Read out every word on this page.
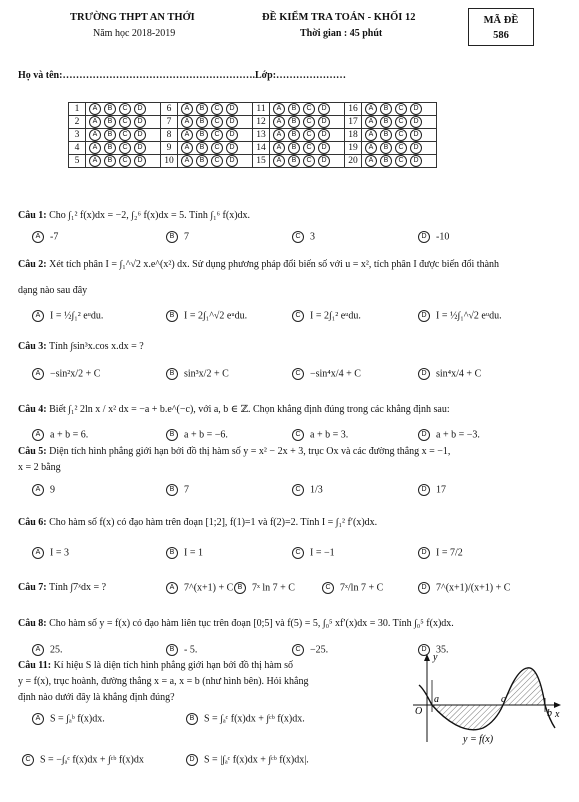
TRƯỜNG THPT AN THỚI
Năm học 2018-2019
ĐỀ KIỂM TRA TOÁN - KHỐI 12
Thời gian : 45 phút
MÃ ĐỀ
586
Họ và tên:………………………………………………….Lớp:…………………
1	A B C D	6	A B C D	11	A B C D	16	A B C D
2	A B C D	7	A B C D	12	A B C D	17	A B C D
3	A B C D	8	A B C D	13	A B C D	18	A B C D
4	A B C D	9	A B C D	14	A B C D	19	A B C D
5	A B C D	10	A B C D	15	A B C D	20	A B C D
Câu 1: Cho ∫₁² f(x)dx = −2, ∫₂⁶ f(x)dx = 5. Tính ∫₁⁶ f(x)dx.
A -7	B 7	C 3	D -10
Câu 2: Xét tích phân I = ∫₁^√2 x.e^(x²) dx. Sử dụng phương pháp đổi biến số với u = x², tích phân I được biến đổi thành
dạng nào sau đây
A I = ½∫₁² eᵘdu.	B I = 2∫₁^√2 eᵘdu.	C I = 2∫₁² eᵘdu.	D I = ½∫₁^√2 eᵘdu.
Câu 3: Tính ∫sin³x.cos x.dx = ?
A −sin²x/2 + C	B sin³x/2 + C	C −sin⁴x/4 + C	D sin⁴x/4 + C
Câu 4: Biết ∫₁² 2ln x / x² dx = −a + b.e^(−c), với a, b ∈ ℤ. Chọn khẳng định đúng trong các khẳng định sau:
A a + b = 6.	B a + b = −6.	C a + b = 3.	D a + b = −3.
Câu 5: Diện tích hình phẳng giới hạn bởi đồ thị hàm số y = x² − 2x + 3, trục Ox và các đường thẳng x = −1,
x = 2 bằng
A 9	B 7	C 1/3	D 17
Câu 6: Cho hàm số f(x) có đạo hàm trên đoạn [1;2], f(1)=1 và f(2)=2. Tính I = ∫₁² f′(x)dx.
A I = 3	B I = 1	C I = −1	D I = 7/2
Câu 7: Tính ∫7ˣdx = ?	A 7^(x+1) + C B 7ˣ ln 7 + C	C 7ˣ/ln 7 + C	D 7^(x+1)/(x+1) + C
Câu 8: Cho hàm số y = f(x) có đạo hàm liên tục trên đoạn [0;5] và f(5) = 5, ∫₀⁵ xf′(x)dx = 30. Tính ∫₀⁵ f(x)dx.
A 25.	B - 5.	C −25.	D 35.
Câu 11: Kí hiệu S là diện tích hình phẳng giới hạn bởi đồ thị hàm số
y = f(x), trục hoành, đường thẳng x = a, x = b (như hình bên). Hỏi khẳng
định nào dưới đây là khẳng định đúng?
A S = ∫ₐᵇ f(x)dx.	B S = ∫ₐᶜ f(x)dx + ∫ᶜᵇ f(x)dx.
C S = −∫ₐᶜ f(x)dx + ∫ᶜᵇ f(x)dx	D S = |∫ₐᶜ f(x)dx + ∫ᶜᵇ f(x)dx|.
y
x
O
a	c
b
y = f(x)
